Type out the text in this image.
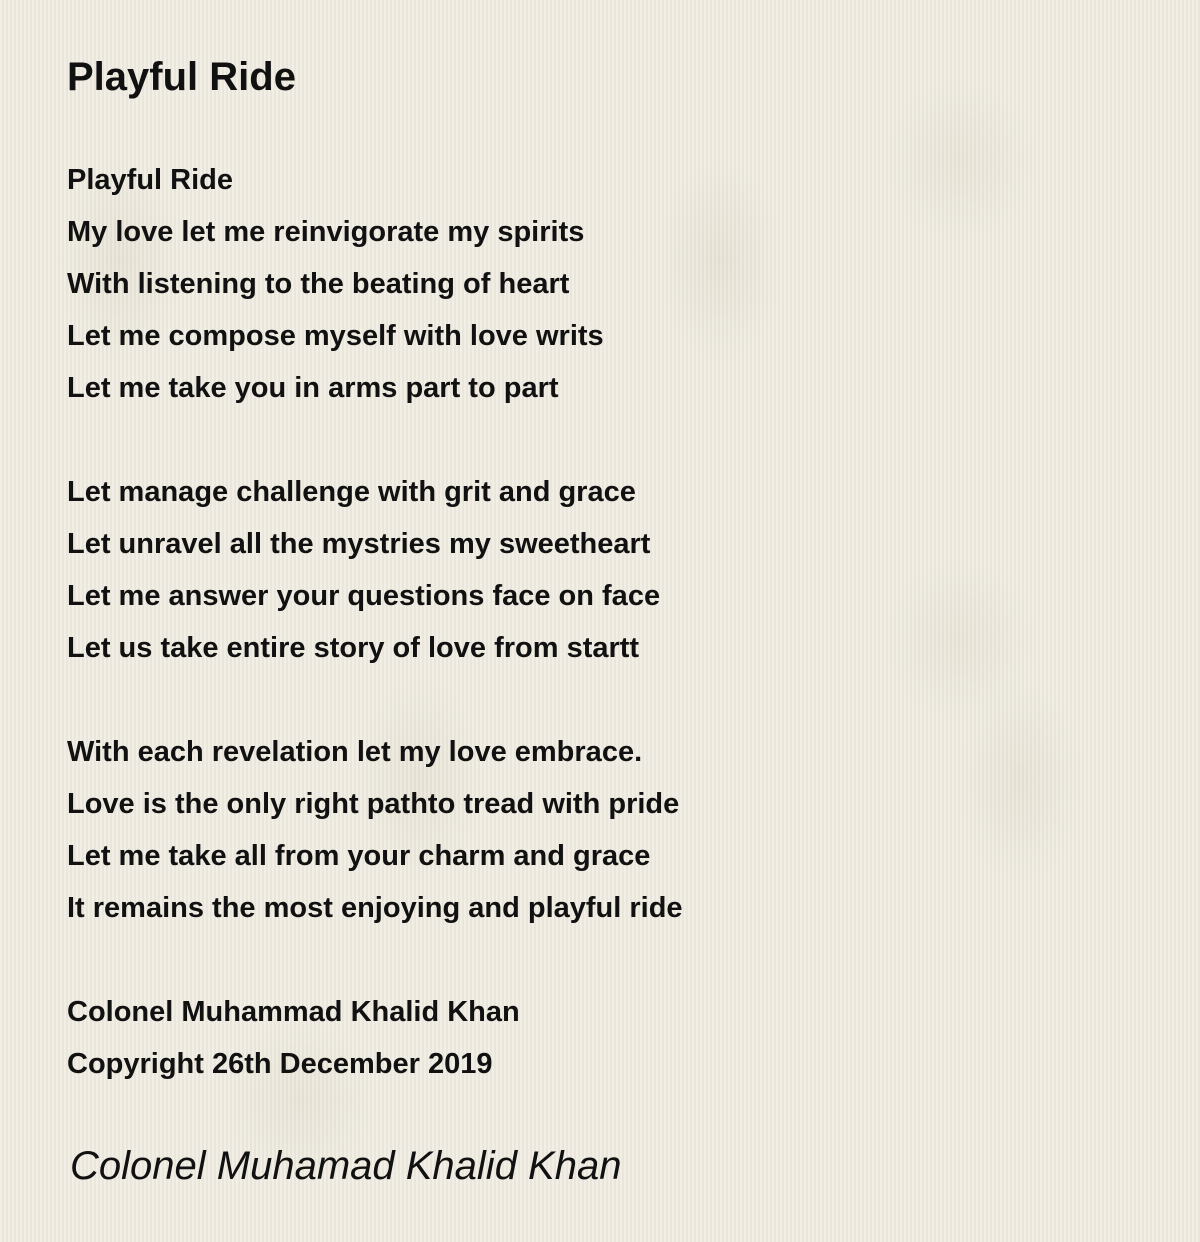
Playful Ride
Playful Ride
My love let me reinvigorate my spirits
With listening to the beating of heart
Let me compose myself with love writs
Let me take you in arms part to part
Let manage challenge with grit and grace
Let unravel all the mystries my sweetheart
Let me answer your questions face on face
Let us take entire story of love from startt
With each revelation let my love embrace.
Love is the only right pathto tread with pride
Let me take all from your charm and grace
It remains the most enjoying and playful ride
Colonel Muhammad Khalid Khan
Copyright 26th December 2019
Colonel Muhamad Khalid Khan
